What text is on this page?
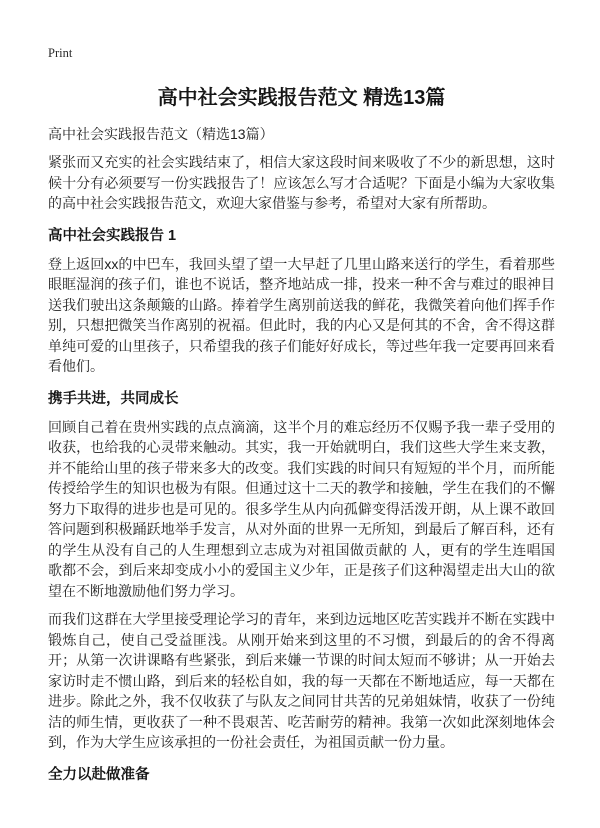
Print
高中社会实践报告范文 精选13篇

高中社会实践报告范文（精选13篇）

紧张而又充实的社会实践结束了，相信大家这段时间来吸收了不少的新思想，这时候十分有必须要写一份实践报告了！应该怎么写才合适呢？下面是小编为大家收集的高中社会实践报告范文，欢迎大家借鉴与参考，希望对大家有所帮助。

高中社会实践报告 1

登上返回xx的中巴车，我回头望了望一大早赶了几里山路来送行的学生，看着那些眼眶湿润的孩子们，谁也不说话，整齐地站成一排，投来一种不舍与难过的眼神目送我们驶出这条颠簸的山路。捧着学生离别前送我的鲜花，我微笑着向他们挥手作别，只想把微笑当作离别的祝福。但此时，我的内心又是何其的不舍，舍不得这群单纯可爱的山里孩子，只希望我的孩子们能好好成长，等过些年我一定要再回来看看他们。

携手共进，共同成长

回顾自己着在贵州实践的点点滴滴，这半个月的难忘经历不仅赐予我一辈子受用的收获，也给我的心灵带来触动。其实，我一开始就明白，我们这些大学生来支教，并不能给山里的孩子带来多大的改变。我们实践的时间只有短短的半个月，而所能传授给学生的知识也极为有限。但通过这十二天的教学和接触，学生在我们的不懈努力下取得的进步也是可见的。很多学生从内向孤僻变得活泼开朗，从上课不敢回答问题到积极踊跃地举手发言，从对外面的世界一无所知，到最后了解百科，还有的学生从没有自己的人生理想到立志成为对祖国做贡献的 人，更有的学生连唱国歌都不会，到后来却变成小小的爱国主义少年，正是孩子们这种渴望走出大山的欲望在不断地激励他们努力学习。

而我们这群在大学里接受理论学习的青年，来到边远地区吃苦实践并不断在实践中锻炼自己，使自己受益匪浅。从刚开始来到这里的不习惯，到最后的的舍不得离开；从第一次讲课略有些紧张，到后来嫌一节课的时间太短而不够讲；从一开始去家访时走不惯山路，到后来的轻松自如，我的每一天都在不断地适应，每一天都在进步。除此之外，我不仅收获了与队友之间同甘共苦的兄弟姐妹情，收获了一份纯洁的师生情，更收获了一种不畏艰苦、吃苦耐劳的精神。我第一次如此深刻地体会到，作为大学生应该承担的一份社会责任，为祖国贡献一份力量。

全力以赴做准备
